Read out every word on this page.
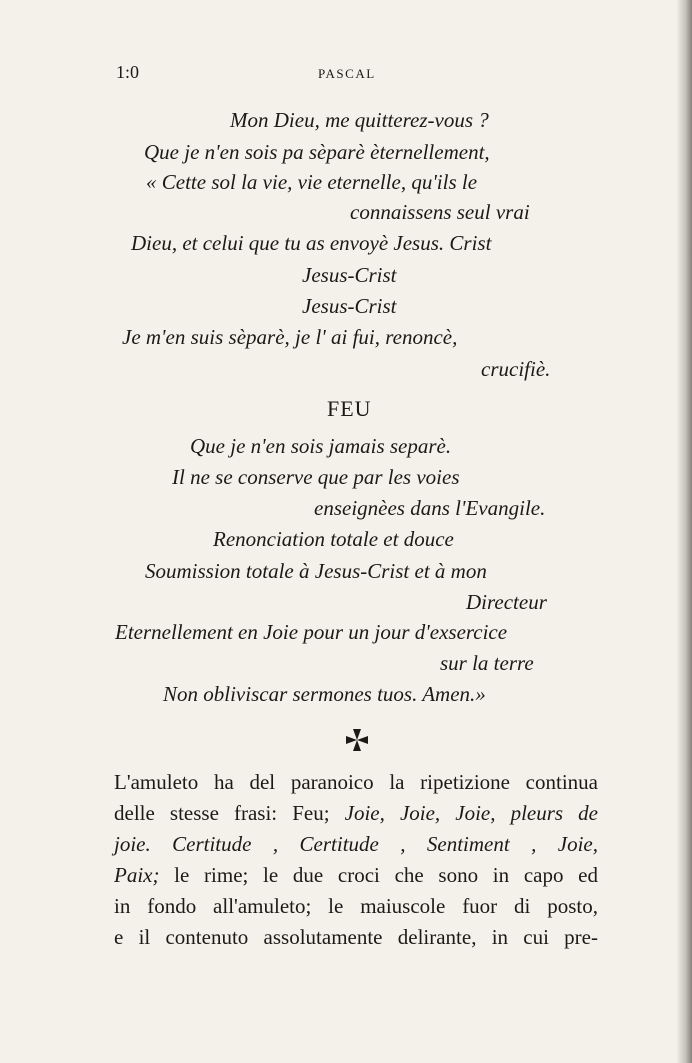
1:0	PASCAL
Mon Dieu, me quitterez-vous ?
Que je n'en sois pa sèparè èternellement,
« Cette sol la vie, vie eternelle, qu'ils le
connaissens seul vrai
Dieu, et celui que tu as envoyè Jesus. Crist
Jesus-Crist
Jesus-Crist
Je m'en suis sèparè, je l' ai fui, renoncè,
crucifiè.
FEU
Que je n'en sois jamais separè.
Il ne se conserve que par les voies
enseignèes dans l'Evangile.
Renonciation totale et douce
Soumission totale à Jesus-Crist et à mon
Directeur
Eternellement en Joie pour un jour d'exsercice
sur la terre
Non obliviscar sermones tuos. Amen.»
L'amuleto ha del paranoico la ripetizione continua
delle stesse frasi: Feu; Joie, Joie, Joie, pleurs de
joie. Certitude , Certitude , Sentiment , Joie,
Paix; le rime; le due croci che sono in capo ed
in fondo all'amuleto; le maiuscole fuor di posto,
e il contenuto assolutamente delirante, in cui pre-
